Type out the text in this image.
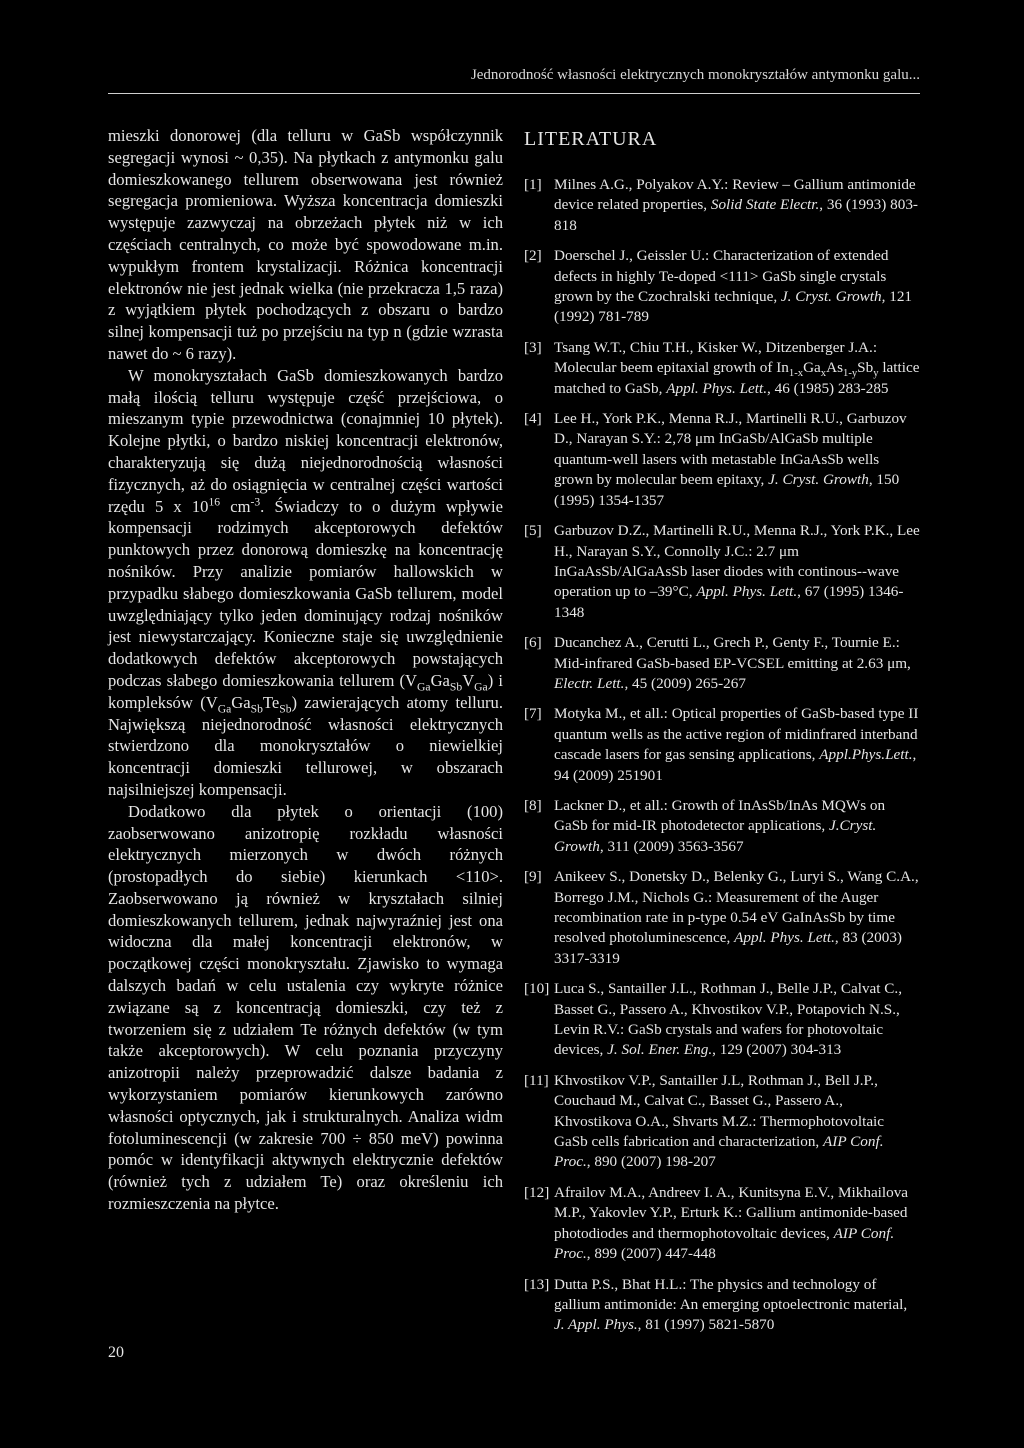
Jednorodność własności elektrycznych monokryształów antymonku galu...

mieszki donorowej (dla telluru w GaSb współczynnik segregacji wynosi ~ 0,35). Na płytkach z antymonku galu domieszkowanego tellurem obserwowana jest również segregacja promieniowa. Wyższa koncentracja domieszki występuje zazwyczaj na obrzeżach płytek niż w ich częściach centralnych, co może być spowodowane m.in. wypukłym frontem krystalizacji. Różnica koncentracji elektronów nie jest jednak wielka (nie przekracza 1,5 raza) z wyjątkiem płytek pochodzących z obszaru o bardzo silnej kompensacji tuż po przejściu na typ n (gdzie wzrasta nawet do ~ 6 razy).

W monokryształach GaSb domieszkowanych bardzo małą ilością telluru występuje część przejściowa, o mieszanym typie przewodnictwa (conajmniej 10 płytek). Kolejne płytki, o bardzo niskiej koncentracji elektronów, charakteryzują się dużą niejednorodnością własności fizycznych, aż do osiągnięcia w centralnej części wartości rzędu 5 x $10^{16}$ $cm^{-3}$. Świadczy to o dużym wpływie kompensacji rodzimych akceptorowych defektów punktowych przez donorową domieszkę na koncentrację nośników. Przy analizie pomiarów hallowskich w przypadku słabego domieszkowania GaSb tellurem, model uwzględniający tylko jeden dominujący rodzaj nośników jest niewystarczający. Konieczne staje się uwzględnienie dodatkowych defektów akceptorowych powstających podczas słabego domieszkowania tellurem $(V_{Ga}Ga_{Sb}V_{Ga})$ i kompleksów $(V_{Ga}Ga_{Sb}Te_{Sb})$ zawierających atomy telluru. Największą niejednorodność własności elektrycznych stwierdzono dla monokryształów o niewielkiej koncentracji domieszki tellurowej, w obszarach najsilniejszej kompensacji.

Dodatkowo dla płytek o orientacji (100) zaobserwowano anizotropię rozkładu własności elektrycznych mierzonych w dwóch różnych (prostopadłych do siebie) kierunkach <110>. Zaobserwowano ją również w kryształach silniej domieszkowanych tellurem, jednak najwyraźniej jest ona widoczna dla małej koncentracji elektronów, w początkowej części monokryształu. Zjawisko to wymaga dalszych badań w celu ustalenia czy wykryte różnice związane są z koncentracją domieszki, czy też z tworzeniem się z udziałem Te różnych defektów (w tym także akceptorowych). W celu poznania przyczyny anizotropii należy przeprowadzić dalsze badania z wykorzystaniem pomiarów kierunkowych zarówno własności optycznych, jak i strukturalnych. Analiza widm fotoluminescencji (w zakresie 700 ÷ 850 meV) powinna pomóc w identyfikacji aktywnych elektrycznie defektów (również tych z udziałem Te) oraz określeniu ich rozmieszczenia na płytce.

LITERATURA
[1] Milnes A.G., Polyakov A.Y.: Review – Gallium antimonide device related properties, Solid State Electr., 36 (1993) 803-818
[2] Doerschel J., Geissler U.: Characterization of extended defects in highly Te-doped <111> GaSb single crystals grown by the Czochralski technique, J. Cryst. Growth, 121 (1992) 781-789
[3] Tsang W.T., Chiu T.H., Kisker W., Ditzenberger J.A.: Molecular beem epitaxial growth of $In_{1-x}Ga_xAs_{1-y}Sb_y$ lattice matched to GaSb, Appl. Phys. Lett., 46 (1985) 283-285
[4] Lee H., York P.K., Menna R.J., Martinelli R.U., Garbuzov D., Narayan S.Y.: 2,78 μm InGaSb/AlGaSb multiple quantum-well lasers with metastable InGaAsSb wells grown by molecular beem epitaxy, J. Cryst. Growth, 150 (1995) 1354-1357
[5] Garbuzov D.Z., Martinelli R.U., Menna R.J., York P.K., Lee H., Narayan S.Y., Connolly J.C.: 2.7 μm InGaAsSb/AlGaAsSb laser diodes with continous--wave operation up to –39°C, Appl. Phys. Lett., 67 (1995) 1346-1348
[6] Ducanchez A., Cerutti L., Grech P., Genty F., Tournie E.: Mid-infrared GaSb-based EP-VCSEL emitting at 2.63 μm, Electr. Lett., 45 (2009) 265-267
[7] Motyka M., et all.: Optical properties of GaSb-based type II quantum wells as the active region of midinfrared interband cascade lasers for gas sensing applications, Appl.Phys.Lett., 94 (2009) 251901
[8] Lackner D., et all.: Growth of InAsSb/InAs MQWs on GaSb for mid-IR photodetector applications, J.Cryst. Growth, 311 (2009) 3563-3567
[9] Anikeev S., Donetsky D., Belenky G., Luryi S., Wang C.A., Borrego J.M., Nichols G.: Measurement of the Auger recombination rate in p-type 0.54 eV GaInAsSb by time resolved photoluminescence, Appl. Phys. Lett., 83 (2003) 3317-3319
[10] Luca S., Santailler J.L., Rothman J., Belle J.P., Calvat C., Basset G., Passero A., Khvostikov V.P., Potapovich N.S., Levin R.V.: GaSb crystals and wafers for photovoltaic devices, J. Sol. Ener. Eng., 129 (2007) 304-313
[11] Khvostikov V.P., Santailler J.L, Rothman J., Bell J.P., Couchaud M., Calvat C., Basset G., Passero A., Khvostikova O.A., Shvarts M.Z.: Thermophotovoltaic GaSb cells fabrication and characterization, AIP Conf. Proc., 890 (2007) 198-207
[12] Afrailov M.A., Andreev I. A., Kunitsyna E.V., Mikhailova M.P., Yakovlev Y.P., Erturk K.: Gallium antimonide-based photodiodes and thermophotovoltaic devices, AIP Conf. Proc., 899 (2007) 447-448
[13] Dutta P.S., Bhat H.L.: The physics and technology of gallium antimonide: An emerging optoelectronic material, J. Appl. Phys., 81 (1997) 5821-5870
20
